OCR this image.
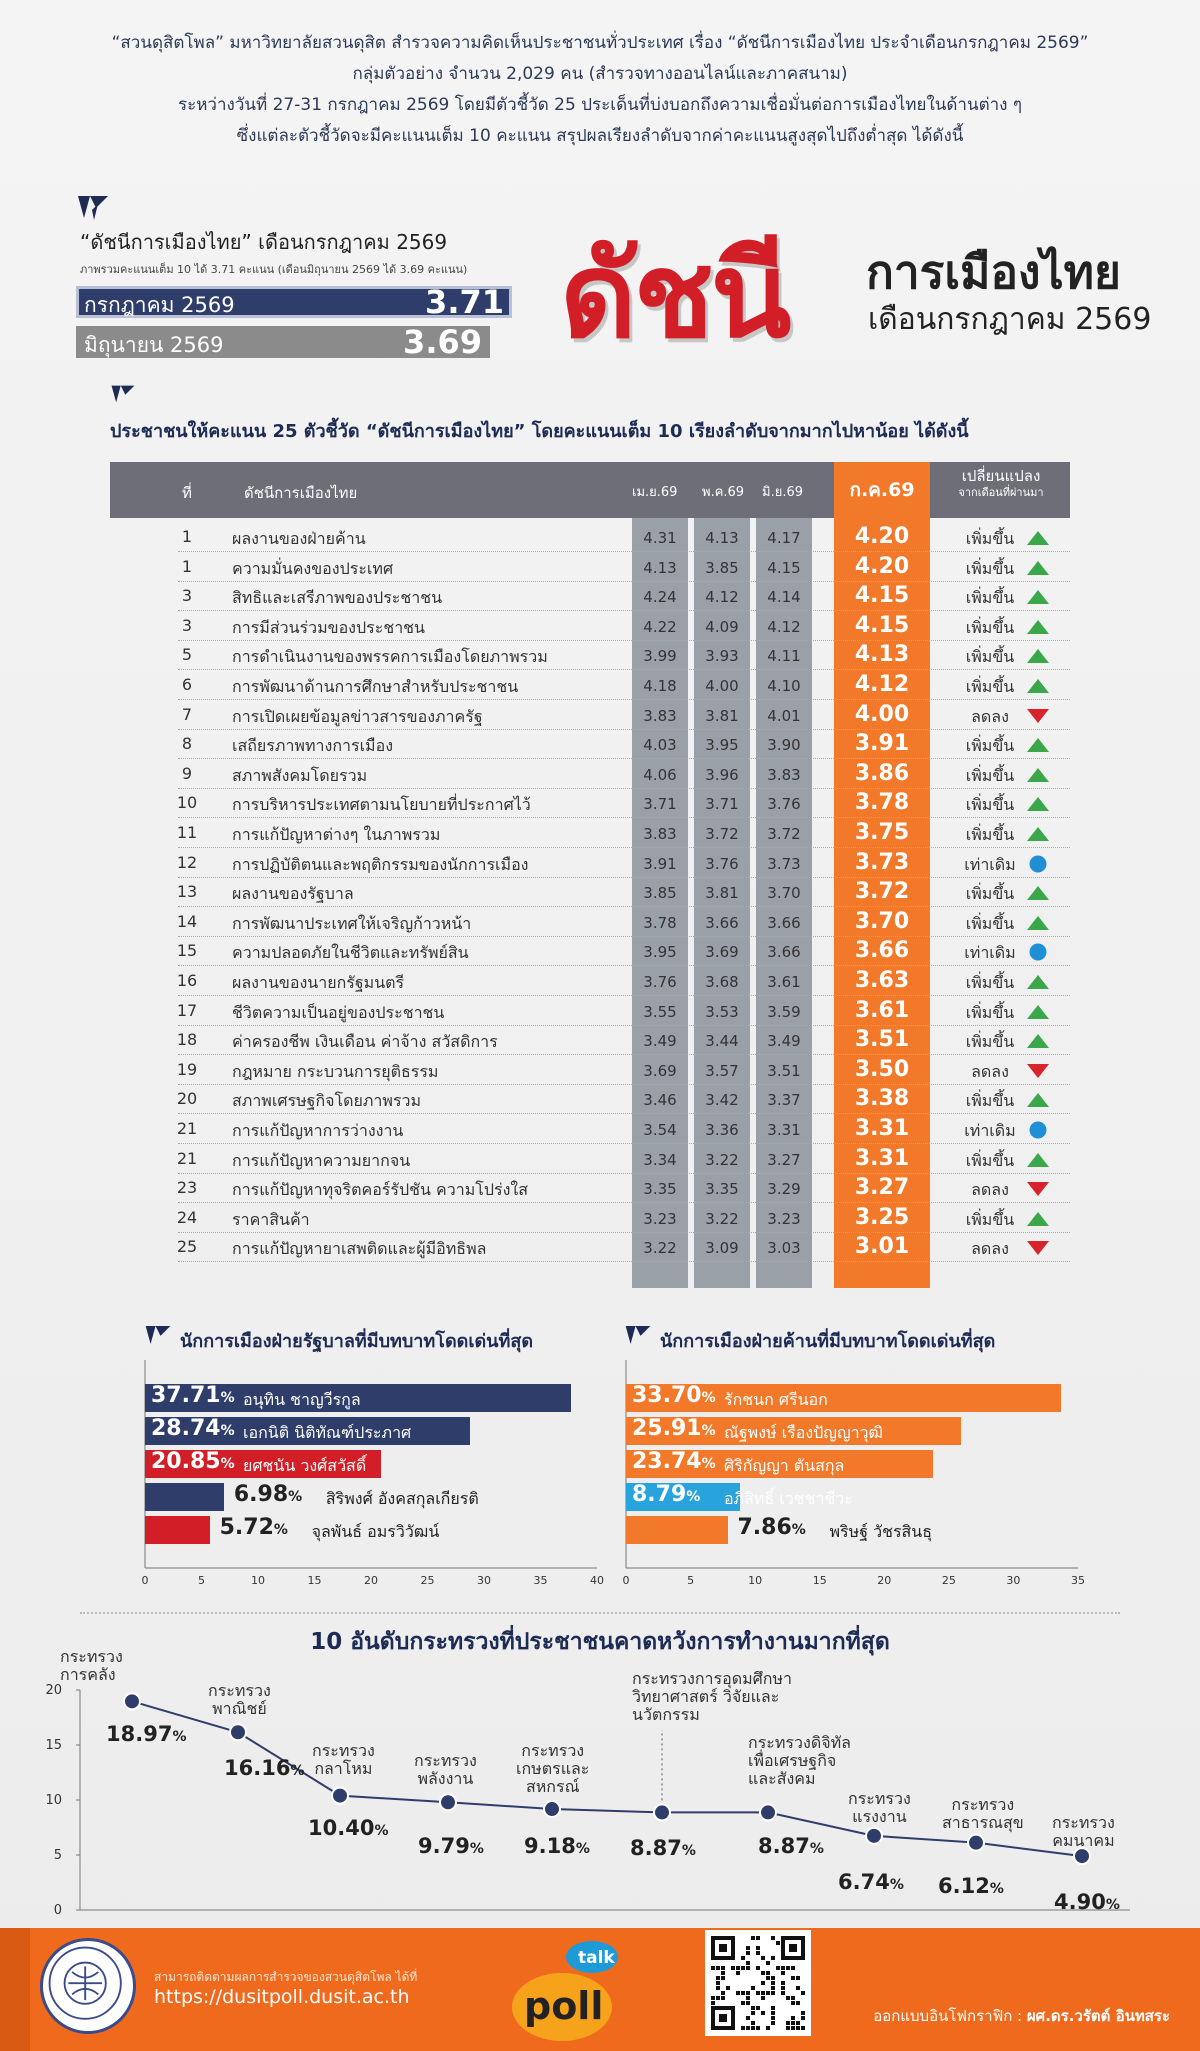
“สวนดุสิตโพล” มหาวิทยาลัยสวนดุสิต สำรวจความคิดเห็นประชาชนทั่วประเทศ เรื่อง “ดัชนีการเมืองไทย ประจำเดือนกรกฎาคม 2569”
กลุ่มตัวอย่าง จำนวน 2,029 คน (สำรวจทางออนไลน์และภาคสนาม)
ระหว่างวันที่ 27-31 กรกฎาคม 2569 โดยมีตัวชี้วัด 25 ประเด็นที่บ่งบอกถึงความเชื่อมั่นต่อการเมืองไทยในด้านต่าง ๆ
ซึ่งแต่ละตัวชี้วัดจะมีคะแนนเต็ม 10 คะแนน สรุปผลเรียงลำดับจากค่าคะแนนสูงสุดไปถึงต่ำสุด ได้ดังนี้
“ดัชนีการเมืองไทย” เดือนกรกฎาคม 2569
ภาพรวมคะแนนเต็ม 10 ได้ 3.71 คะแนน (เดือนมิถุนายน 2569 ได้ 3.69 คะแนน)
กรกฎาคม 2569	3.71
มิถุนายน 2569	3.69 ดัชนี การเมืองไทย
เดือนกรกฎาคม 2569
ประชาชนให้คะแนน 25 ตัวชี้วัด “ดัชนีการเมืองไทย” โดยคะแนนเต็ม 10 เรียงลำดับจากมากไปหาน้อย ได้ดังนี้
ที่	ดัชนีการเมืองไทย	เม.ย.69 พ.ค.69 มิ.ย.69	ก.ค.69
เปลี่ยนแปลง
จากเดือนที่ผ่านมา
1	ผลงานของฝ่ายค้าน	4.31	4.13	4.17	4.20	เพิ่มขึ้น
1	ความมั่นคงของประเทศ	4.13	3.85	4.15	4.20	เพิ่มขึ้น
3	สิทธิและเสรีภาพของประชาชน	4.24	4.12	4.14	4.15	เพิ่มขึ้น
3	การมีส่วนร่วมของประชาชน	4.22	4.09	4.12	4.15	เพิ่มขึ้น
5	การดำเนินงานของพรรคการเมืองโดยภาพรวม	3.99	3.93	4.11	4.13	เพิ่มขึ้น
6	การพัฒนาด้านการศึกษาสำหรับประชาชน	4.18	4.00	4.10	4.12	เพิ่มขึ้น
7	การเปิดเผยข้อมูลข่าวสารของภาครัฐ	3.83	3.81	4.01	4.00	ลดลง
8	เสถียรภาพทางการเมือง	4.03	3.95	3.90	3.91	เพิ่มขึ้น
9	สภาพสังคมโดยรวม	4.06	3.96	3.83	3.86	เพิ่มขึ้น
10	การบริหารประเทศตามนโยบายที่ประกาศไว้	3.71	3.71	3.76	3.78	เพิ่มขึ้น
11	การแก้ปัญหาต่างๆ ในภาพรวม	3.83	3.72	3.72	3.75	เพิ่มขึ้น
12	การปฏิบัติตนและพฤติกรรมของนักการเมือง	3.91	3.76	3.73	3.73	เท่าเดิม
13	ผลงานของรัฐบาล	3.85	3.81	3.70	3.72	เพิ่มขึ้น
14	การพัฒนาประเทศให้เจริญก้าวหน้า	3.78	3.66	3.66	3.70	เพิ่มขึ้น
15	ความปลอดภัยในชีวิตและทรัพย์สิน	3.95	3.69	3.66	3.66	เท่าเดิม
16	ผลงานของนายกรัฐมนตรี	3.76	3.68	3.61	3.63	เพิ่มขึ้น
17	ชีวิตความเป็นอยู่ของประชาชน	3.55	3.53	3.59	3.61	เพิ่มขึ้น
18	ค่าครองชีพ เงินเดือน ค่าจ้าง สวัสดิการ	3.49	3.44	3.49	3.51	เพิ่มขึ้น
19	กฎหมาย กระบวนการยุติธรรม	3.69	3.57	3.51	3.50	ลดลง
20	สภาพเศรษฐกิจโดยภาพรวม	3.46	3.42	3.37	3.38	เพิ่มขึ้น
21	การแก้ปัญหาการว่างงาน	3.54	3.36	3.31	3.31	เท่าเดิม
21	การแก้ปัญหาความยากจน	3.34	3.22	3.27	3.31	เพิ่มขึ้น
23	การแก้ปัญหาทุจริตคอร์รัปชัน ความโปร่งใส	3.35	3.35	3.29	3.27	ลดลง
24	ราคาสินค้า	3.23	3.22	3.23	3.25	เพิ่มขึ้น
25	การแก้ปัญหายาเสพติดและผู้มีอิทธิพล	3.22	3.09	3.03	3.01	ลดลง
นักการเมืองฝ่ายรัฐบาลที่มีบทบาทโดดเด่นที่สุด
0	5	10	15	20	25	30	35	40
37.71% อนุทิน ชาญวีรกูล
28.74% เอกนิติ นิติทัณฑ์ประภาศ
20.85% ยศชนัน วงศ์สวัสดิ์
6.98% สิริพงศ์ อังคสกุลเกียรติ
5.72% จุลพันธ์ อมรวิวัฒน์
นักการเมืองฝ่ายค้านที่มีบทบาทโดดเด่นที่สุด
0	5	10	15	20	25	30	35
33.70% รักชนก ศรีนอก
25.91% ณัฐพงษ์ เรืองปัญญาวุฒิ
23.74% ศิริกัญญา ตันสกุล
8.79% อภิสิทธิ์ เวชชาชีวะ
7.86% พริษฐ์ วัชรสินธุ
10 อันดับกระทรวงที่ประชาชนคาดหวังการทำงานมากที่สุด
0
5
10
15
20
กระทรวง
การคลัง
18.97%
กระทรวง
พาณิชย์
16.16%
กระทรวง
กลาโหม
10.40%
กระทรวง
พลังงาน
9.79%
กระทรวง
เกษตรและ
สหกรณ์
9.18%
กระทรวงการอุดมศึกษา
วิทยาศาสตร์ วิจัยและ
นวัตกรรม
8.87%
กระทรวงดิจิทัล
เพื่อเศรษฐกิจ
และสังคม
8.87%
กระทรวง
แรงงาน
6.74%
กระทรวง
สาธารณสุข
6.12%
กระทรวง
คมนาคม
4.90%
สามารถติดตามผลการสำรวจของสวนดุสิตโพล ได้ที่
https://dusitpoll.dusit.ac.th
talk
poll	ออกแบบอินโฟกราฟิก : ผศ.ดร.วรัตต์ อินทสระ
